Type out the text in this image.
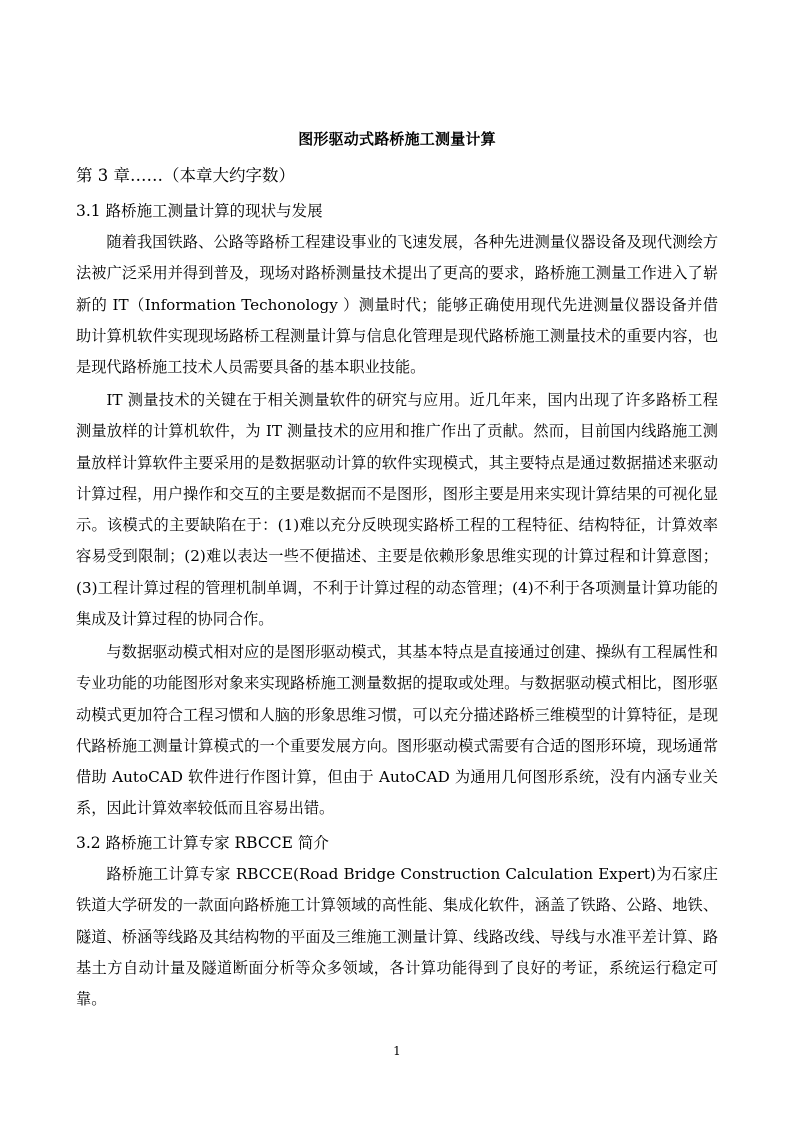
图形驱动式路桥施工测量计算
第 3 章……（本章大约字数）
3.1 路桥施工测量计算的现状与发展

随着我国铁路、公路等路桥工程建设事业的飞速发展，各种先进测量仪器设备及现代测绘方法被广泛采用并得到普及，现场对路桥测量技术提出了更高的要求，路桥施工测量工作进入了崭新的 IT（Information Techonology ）测量时代；能够正确使用现代先进测量仪器设备并借助计算机软件实现现场路桥工程测量计算与信息化管理是现代路桥施工测量技术的重要内容，也是现代路桥施工技术人员需要具备的基本职业技能。

IT 测量技术的关键在于相关测量软件的研究与应用。近几年来，国内出现了许多路桥工程测量放样的计算机软件，为 IT 测量技术的应用和推广作出了贡献。然而，目前国内线路施工测量放样计算软件主要采用的是数据驱动计算的软件实现模式，其主要特点是通过数据描述来驱动计算过程，用户操作和交互的主要是数据而不是图形，图形主要是用来实现计算结果的可视化显示。该模式的主要缺陷在于：(1)难以充分反映现实路桥工程的工程特征、结构特征，计算效率容易受到限制；(2)难以表达一些不便描述、主要是依赖形象思维实现的计算过程和计算意图；(3)工程计算过程的管理机制单调，不利于计算过程的动态管理；(4)不利于各项测量计算功能的集成及计算过程的协同合作。

与数据驱动模式相对应的是图形驱动模式，其基本特点是直接通过创建、操纵有工程属性和专业功能的功能图形对象来实现路桥施工测量数据的提取或处理。与数据驱动模式相比，图形驱动模式更加符合工程习惯和人脑的形象思维习惯，可以充分描述路桥三维模型的计算特征，是现代路桥施工测量计算模式的一个重要发展方向。图形驱动模式需要有合适的图形环境，现场通常借助 AutoCAD 软件进行作图计算，但由于 AutoCAD 为通用几何图形系统，没有内涵专业关系，因此计算效率较低而且容易出错。

3.2 路桥施工计算专家 RBCCE 简介

路桥施工计算专家 RBCCE(Road Bridge Construction Calculation Expert)为石家庄铁道大学研发的一款面向路桥施工计算领域的高性能、集成化软件，涵盖了铁路、公路、地铁、隧道、桥涵等线路及其结构物的平面及三维施工测量计算、线路改线、导线与水准平差计算、路基土方自动计量及隧道断面分析等众多领域，各计算功能得到了良好的考证，系统运行稳定可靠。

1
